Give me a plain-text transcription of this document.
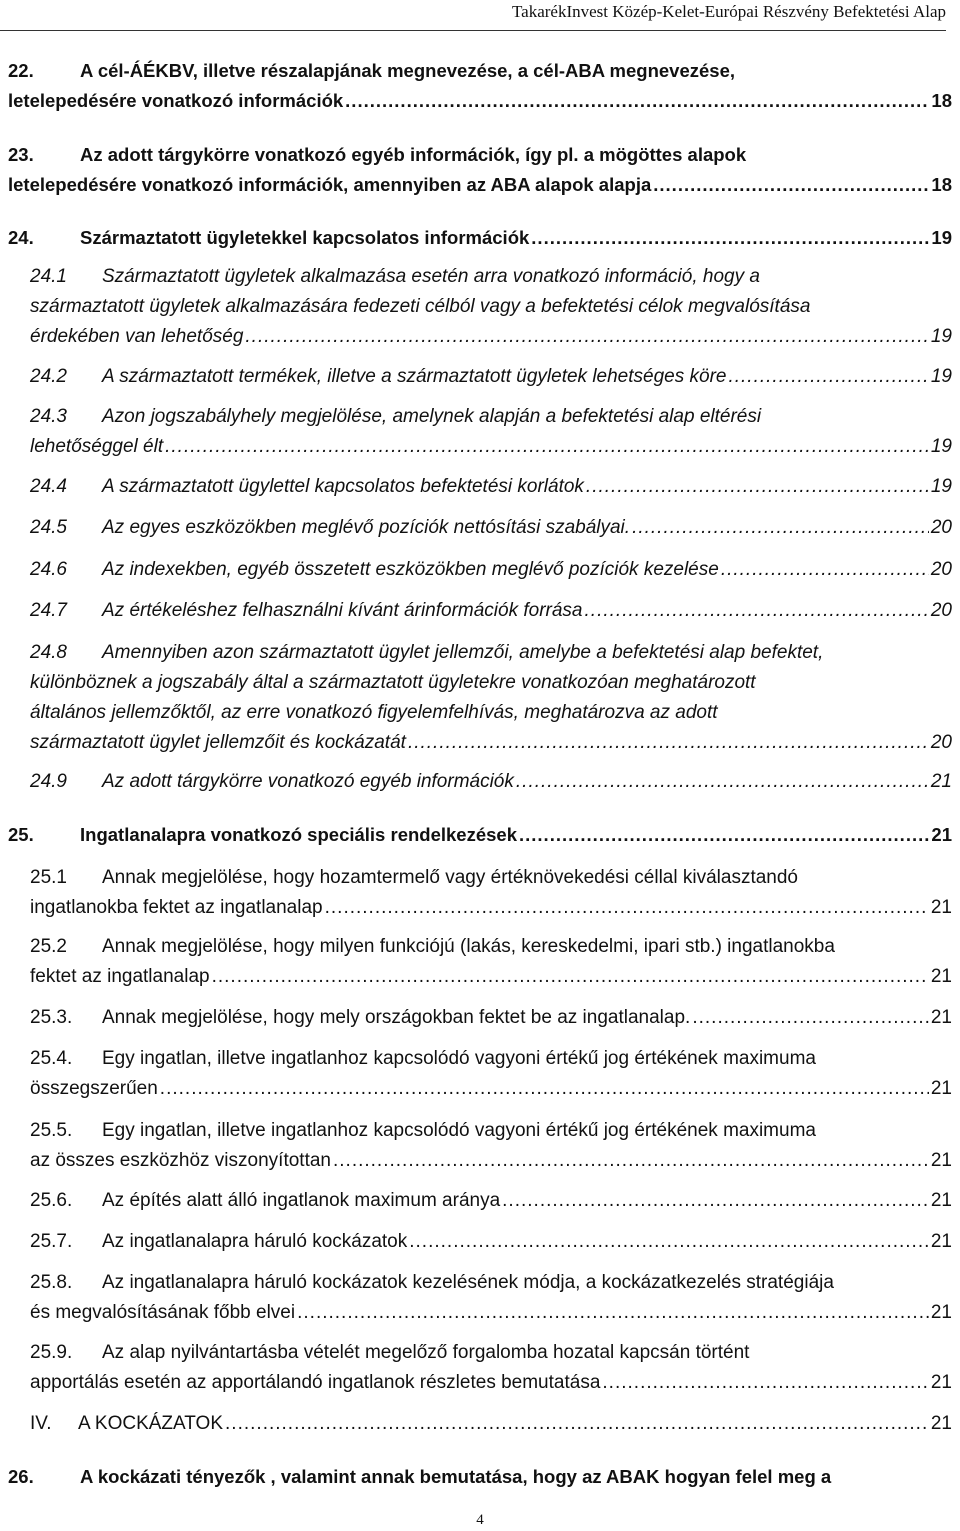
TakarékInvest Közép-Kelet-Európai Részvény Befektetési Alap
22.	A cél-ÁÉKBV, illetve részalapjának megnevezése, a cél-ABA megnevezése,
letelepedésére vonatkozó információk .....	18
23.	Az adott tárgykörre vonatkozó egyéb információk, így pl. a mögöttes alapok
letelepedésére vonatkozó információk, amennyiben az ABA alapok alapja .....	18
24.	Származtatott ügyletekkel kapcsolatos információk .....	19
24.1 Származtatott ügyletek alkalmazása esetén arra vonatkozó információ, hogy a
származtatott ügyletek alkalmazására fedezeti célból vagy a befektetési célok megvalósítása
érdekében van lehetőség .....	19
24.2 A származtatott termékek, illetve a származtatott ügyletek lehetséges köre .....	19
24.3 Azon jogszabályhely megjelölése, amelynek alapján a befektetési alap eltérési
lehetőséggel élt .....	19
24.4 A származtatott ügylettel kapcsolatos befektetési korlátok .....	19
24.5 Az egyes eszközökben meglévő pozíciók nettósítási szabályai. .....	20
24.6 Az indexekben, egyéb összetett eszközökben meglévő pozíciók kezelése .....	20
24.7 Az értékeléshez felhasználni kívánt árinformációk forrása .....	20
24.8 Amennyiben azon származtatott ügylet jellemzői, amelybe a befektetési alap befektet,
különböznek a jogszabály által a származtatott ügyletekre vonatkozóan meghatározott
általános jellemzőktől, az erre vonatkozó figyelemfelhívás, meghatározva az adott
származtatott ügylet jellemzőit és kockázatát .....	20
24.9 Az adott tárgykörre vonatkozó egyéb információk .....	21
25.	Ingatlanalapra vonatkozó speciális rendelkezések .....	21
25.1 Annak megjelölése, hogy hozamtermelő vagy értéknövekedési céllal kiválasztandó
ingatlanokba fektet az ingatlanalap .....	21
25.2 Annak megjelölése, hogy milyen funkciójú (lakás, kereskedelmi, ipari stb.) ingatlanokba
fektet az ingatlanalap .....	21
25.3. Annak megjelölése, hogy mely országokban fektet be az ingatlanalap. .....	21
25.4. Egy ingatlan, illetve ingatlanhoz kapcsolódó vagyoni értékű jog értékének maximuma
összegszerűen .....	21
25.5. Egy ingatlan, illetve ingatlanhoz kapcsolódó vagyoni értékű jog értékének maximuma
az összes eszközhöz viszonyítottan .....	21
25.6. Az építés alatt álló ingatlanok maximum aránya .....	21
25.7. Az ingatlanalapra háruló kockázatok .....	21
25.8. Az ingatlanalapra háruló kockázatok kezelésének módja, a kockázatkezelés stratégiája
és megvalósításának főbb elvei .....	21
25.9. Az alap nyilvántartásba vételét megelőző forgalomba hozatal kapcsán történt
apportálás esetén az apportálandó ingatlanok részletes bemutatása .....	21
IV. A KOCKÁZATOK .....	21
26.	A kockázati tényezők , valamint annak bemutatása, hogy az ABAK hogyan felel meg a
4
